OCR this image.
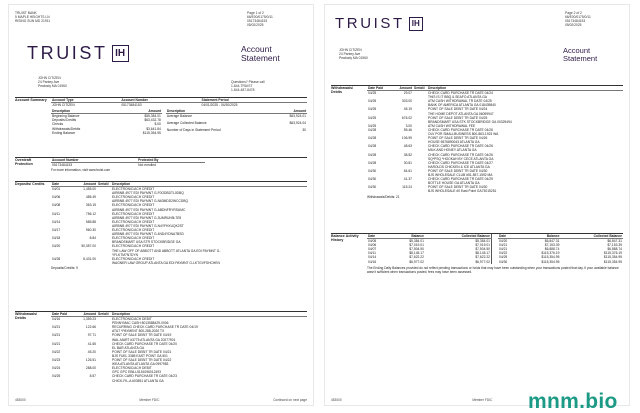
TRUIST BANK
5 MAPLE HEIGHTS LN
RISING SUN MD 21911
Page 1 of 2
66/E00/0175/0/11
05173484153
05/02/2025
TRUIST IH	Account
Statement
JOHN CITIZEN
24 Pantey Ave
Peabody MA 01960
Questions? Please call
1-844-TRUIST
1-844-487-8478
Account Summary Account Type	Account Number	Statement Period
JOHN CITIZEN	05173484153	04/01/2025 - 04/30/2025
Description	Amount
Beginning Balance	$55,384.01
Deposits/Credits	$63,432.78
Checks	$.00
Withdrawals/Debits	$3,641.84
Ending Balance	$115,354.95
Description	Amount
Average Balance	$63,924.01
Average Collected Balance	$63,924.04
Number of Days in Statement Period	30
Overdraft Protection
Account Number	Protected By
05173484153	Not enrolled
For more information, visit www.truist.com
Deposits/ Credits	Date	Amount	Serial#	Description
04/01	1,455.00		ELECTRONIC/ACH CREDIT
AIRBNB 4977 EDI PAYMNT G-F0ODBDTL0DBQ
04/06	485.49		ELECTRONIC/ACH CREDIT
AIRBNB 4977 EDI PAYMNT G-N63MDD2WCCDBQ
04/08	363.15		ELECTRONIC/ACH CREDIT
AIRBNB 4977 EDI PAYMNT G-ABDNFRYRSUMC
04/11	756.12		ELECTRONIC/ACH CREDIT
AIRBNB 4977 EDI PAYMNT G-3UMRUN9L7E5
04/14	585.88		ELECTRONIC/ACH CREDIT
AIRBNB 4977 EDI PAYMNT G-N4YFHXUQK2ST
04/17	960.30		ELECTRONIC/ACH CREDIT
AIRBNB 4977 EDI PAYMNT G-4ND4YDNA7BSD
04/18	8.84		ELECTRONIC/ACH CREDIT
BRANDSMART USA STR STOCKBRIDGE GA
04/20	50,357.00		ELECTRONIC/ACH CREDIT
THE LAW OFF OF ABBOTT AND ABBOTT ATLANTA GA EDI PAYMNT G-
YFLKTM7N7DYN
04/28	8,431.00		ELECTRONIC/ACH CREDIT
WAGNER LAW GROUP ATLANTA GA EDI PAYMNT G-LKTGVFSHCHEN
Deposits/Credits: 9
Withdrawals/ Debits
Date Paid	Amount	Serial#	Description
04/16	1,359.23		ELECTRONIC/ACH DEBIT
PENNYMAC CASH 8013588429-0006
04/21	122.66		RECURRING CHECK CARD PURCHASE TR DATE 04/19
AT&T *PAYMENT 800-288-2020 TX
04/21	97.71		POINT OF SALE DEBIT TR DATE 04/19
WAL-MART #3775 ATLANTA GA 20277901
04/21	41.65		CHECK CARD PURCHASE TR DATE 04/20
EL BAR ATLANTA GA
04/22	45.20		POINT OF SALE DEBIT TR DATE 04/21
BJS FUEL 3385 EAST POINT GA 501
04/23	126.51		POINT OF SALE DEBIT TR DATE 04/22
IKEA ATLANTA ATLANTA GA 0997983
04/24	288.00		ELECTRONIC/ACH DEBIT
GPC GPC EBILL5151096012493
04/25	8.57		CHECK CARD PURCHASE TR DATE 04/23
CHICK-FIL-A #03551 ATLANTA GA
453000	Member FDIC	Continued on next page
Page 2 of 2
66/E00/0175/0/11
05173484153
05/02/2025
TRUIST IH
Account
Statement
JOHN CITIZEN
24 Pantey Ave
Peabody MA 01960
Withdrawals/ Debits
Date Paid	Amount	Serial#	Description
04/25	29.07		CHECK CARD PURCHASE TR DATE 04/24
THIS IS IT BBQ & SEAFO ATLANTA GA
04/25	303.00		ATM CASH WITHDRAWAL TR DATE 04/25
BANK OF AMERICA ATLANTA GA 018439840
04/25	45.19		POINT OF SALE DEBIT TR DATE 04/24
THE HOME DEPOT ATLANTA GA 06099947
04/25	676.02		POINT OF SALE DEBIT TR DATE 04/25
BRANDSMART USA STK STOCKBRIDGE GA 00329494
04/25	3.00		ATM CASH WITHDRAWAL FEE
04/28	55.46		CHECK CARD PURCHASE TR DATE 04/26
OLV POR SMALLBUSINESS 800-863-1923 WA
04/28	106.99		POINT OF SALE DEBIT TR DATE 04/26
HOUSE 6576890043 ATLANTA GA
04/28	48.63		CHECK CARD PURCHASE TR DATE 04/26
MILK AND HONEY ATLANTA GA
04/28	38.52		CHECK CARD PURCHASE TR DATE 04/26
SQ*PSQ *HOOKAH BY CECE ATLANTA GA
04/28	30.81		CHECK CARD PURCHASE TR DATE 04/27
HAROLDS CHICKEN & ICE ATLANTA GA
04/30	64.61		POINT OF SALE DEBIT TR DATE 04/30
BJS WHOLESALE CLUB #51-557-1592 MA
04/30	41.37		CHECK CARD PURCHASE TR DATE 04/29
BOTTLE HOUSE GA ATLANTA GA
04/30	115.24		POINT OF SALE DEBIT TR DATE 04/30
BJS WHOLESALE #0 East Point GA73015251
Withdrawals/Debits: 21
Balance Activity History
Date	Balance	Collected Balance
04/05	$5,384.01	$5,384.01
04/06	$7,019.01	$7,019.01
04/07	$7,504.50	$7,504.50
04/11	$8,145.17	$8,145.17
04/14	$7,622.22	$7,622.22
04/16	$6,977.02	$6,977.02
Date	Balance	Collected Balance
04/20	$6,847.31	$6,847.31
04/21	$7,153.39	$7,153.39
04/21	$6,888.74	$6,888.74
04/22	$115,376.19	$115,376.19
04/25	$115,354.95	$115,354.95
04/30	$115,354.95	$115,354.95
The Ending Daily Balances provided do not reflect pending transactions or holds that may have been outstanding when your transactions posted that day. If your available balance wasn't sufficient when transactions posted, fees may have been assessed.
453000	Member FDIC mnm.bio
